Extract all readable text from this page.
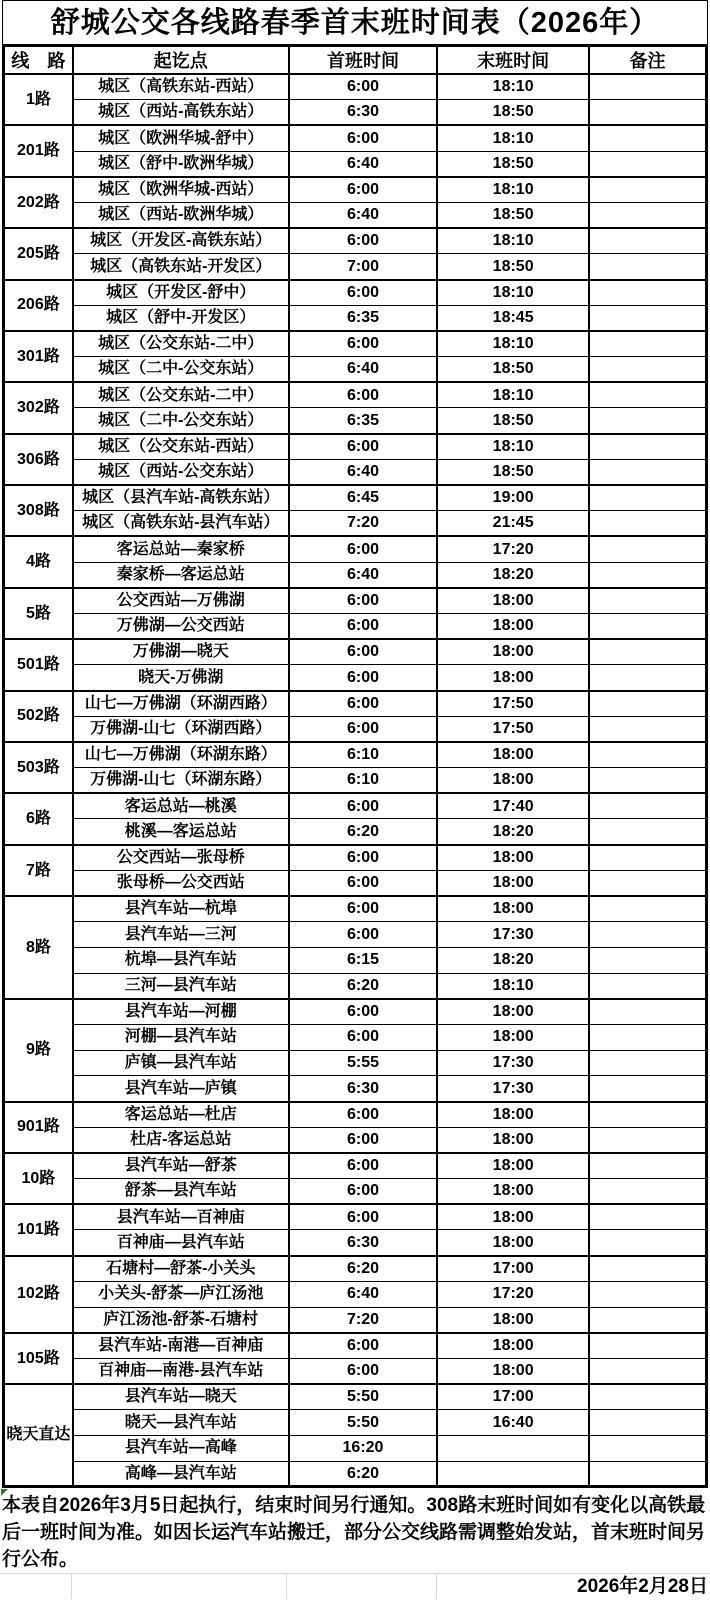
舒城公交各线路春季首末班时间表（2026年）
线　路	起讫点	首班时间	末班时间	备注
1路	城区（高铁东站-西站）	6:00	18:10	
	城区（西站-高铁东站）	6:30	18:50	
201路	城区（欧洲华城-舒中）	6:00	18:10	
	城区（舒中-欧洲华城）	6:40	18:50	
202路	城区（欧洲华城-西站）	6:00	18:10	
	城区（西站-欧洲华城）	6:40	18:50	
205路	城区（开发区-高铁东站）	6:00	18:10	
	城区（高铁东站-开发区）	7:00	18:50	
206路	城区（开发区-舒中）	6:00	18:10	
	城区（舒中-开发区）	6:35	18:45	
301路	城区（公交东站-二中）	6:00	18:10	
	城区（二中-公交东站）	6:40	18:50	
302路	城区（公交东站-二中）	6:00	18:10	
	城区（二中-公交东站）	6:35	18:50	
306路	城区（公交东站-西站）	6:00	18:10	
	城区（西站-公交东站）	6:40	18:50	
308路	城区（县汽车站-高铁东站）	6:45	19:00	
	城区（高铁东站-县汽车站）	7:20	21:45	
4路	客运总站—秦家桥	6:00	17:20	
	秦家桥—客运总站	6:40	18:20	
5路	公交西站—万佛湖	6:00	18:00	
	万佛湖—公交西站	6:00	18:00	
501路	万佛湖—晓天	6:00	18:00	
	晓天-万佛湖	6:00	18:00	
502路	山七—万佛湖（环湖西路）	6:00	17:50	
	万佛湖-山七（环湖西路）	6:00	17:50	
503路	山七—万佛湖（环湖东路）	6:10	18:00	
	万佛湖-山七（环湖东路）	6:10	18:00	
6路	客运总站—桃溪	6:00	17:40	
	桃溪—客运总站	6:20	18:20	
7路	公交西站—张母桥	6:00	18:00	
	张母桥—公交西站	6:00	18:00	
8路	县汽车站—杭埠	6:00	18:00	
	县汽车站—三河	6:00	17:30	
	杭埠—县汽车站	6:15	18:20	
	三河—县汽车站	6:20	18:10	
9路	县汽车站—河棚	6:00	18:00	
	河棚—县汽车站	6:00	18:00	
	庐镇—县汽车站	5:55	17:30	
	县汽车站—庐镇	6:30	17:30	
901路	客运总站—杜店	6:00	18:00	
	杜店-客运总站	6:00	18:00	
10路	县汽车站—舒茶	6:00	18:00	
	舒茶—县汽车站	6:00	18:00	
101路	县汽车站—百神庙	6:00	18:00	
	百神庙—县汽车站	6:30	18:00	
102路	石塘村—舒茶-小关头	6:20	17:00	
	小关头-舒茶—庐江汤池	6:40	17:20	
	庐江汤池-舒茶-石塘村	7:20	18:00	
105路	县汽车站-南港—百神庙	6:00	18:00	
	百神庙—南港-县汽车站	6:00	18:00	
晓天直达	县汽车站—晓天	5:50	17:00	
	晓天—县汽车站	5:50	16:40	
	县汽车站—高峰	16:20		
	高峰—县汽车站	6:20		
本表自2026年3月5日起执行，结束时间另行通知。308路末班时间如有变化以高铁最后一班时间为准。如因长运汽车站搬迁，部分公交线路需调整始发站，首末班时间另行公布。
2026年2月28日
